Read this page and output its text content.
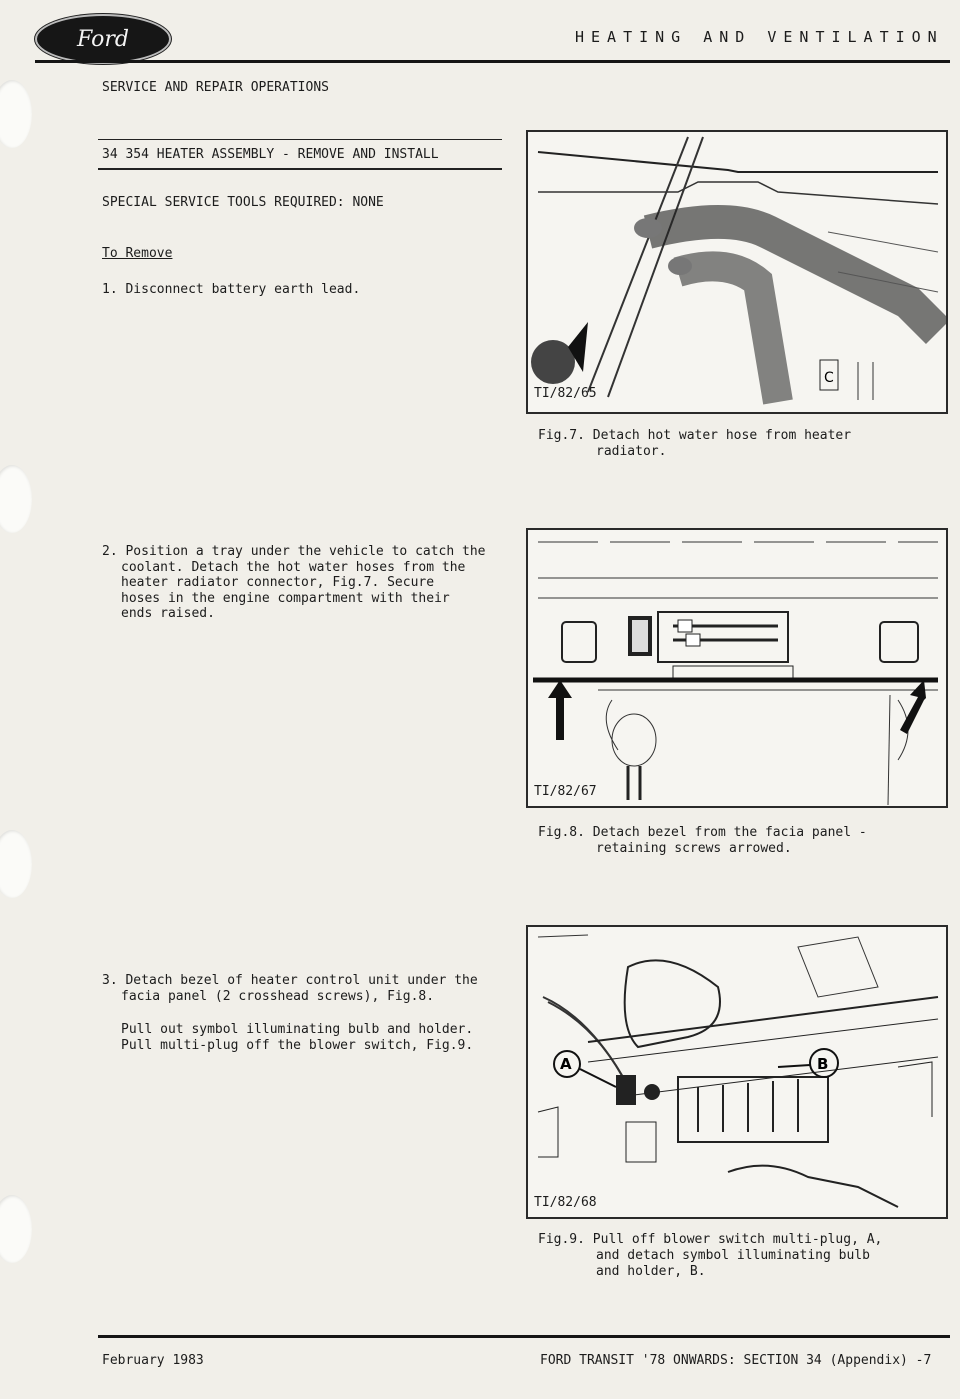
Ford	HEATING AND VENTILATION
SERVICE AND REPAIR OPERATIONS
34 354 HEATER ASSEMBLY - REMOVE AND INSTALL
SPECIAL SERVICE TOOLS REQUIRED: NONE
To Remove
1. Disconnect battery earth lead.
2. Position a tray under the vehicle to catch the
coolant. Detach the hot water hoses from the
heater radiator connector, Fig.7. Secure
hoses in the engine compartment with their
ends raised.
3. Detach bezel of heater control unit under the
facia panel (2 crosshead screws), Fig.8.
Pull out symbol illuminating bulb and holder.
Pull multi-plug off the blower switch, Fig.9.
C
TI/82/65
Fig.7. Detach hot water hose from heater
radiator.
TI/82/67
Fig.8. Detach bezel from the facia panel -
retaining screws arrowed.
A	B
TI/82/68
Fig.9. Pull off blower switch multi-plug, A,
and detach symbol illuminating bulb
and holder, B.
February 1983	FORD TRANSIT '78 ONWARDS: SECTION 34 (Appendix) -7
